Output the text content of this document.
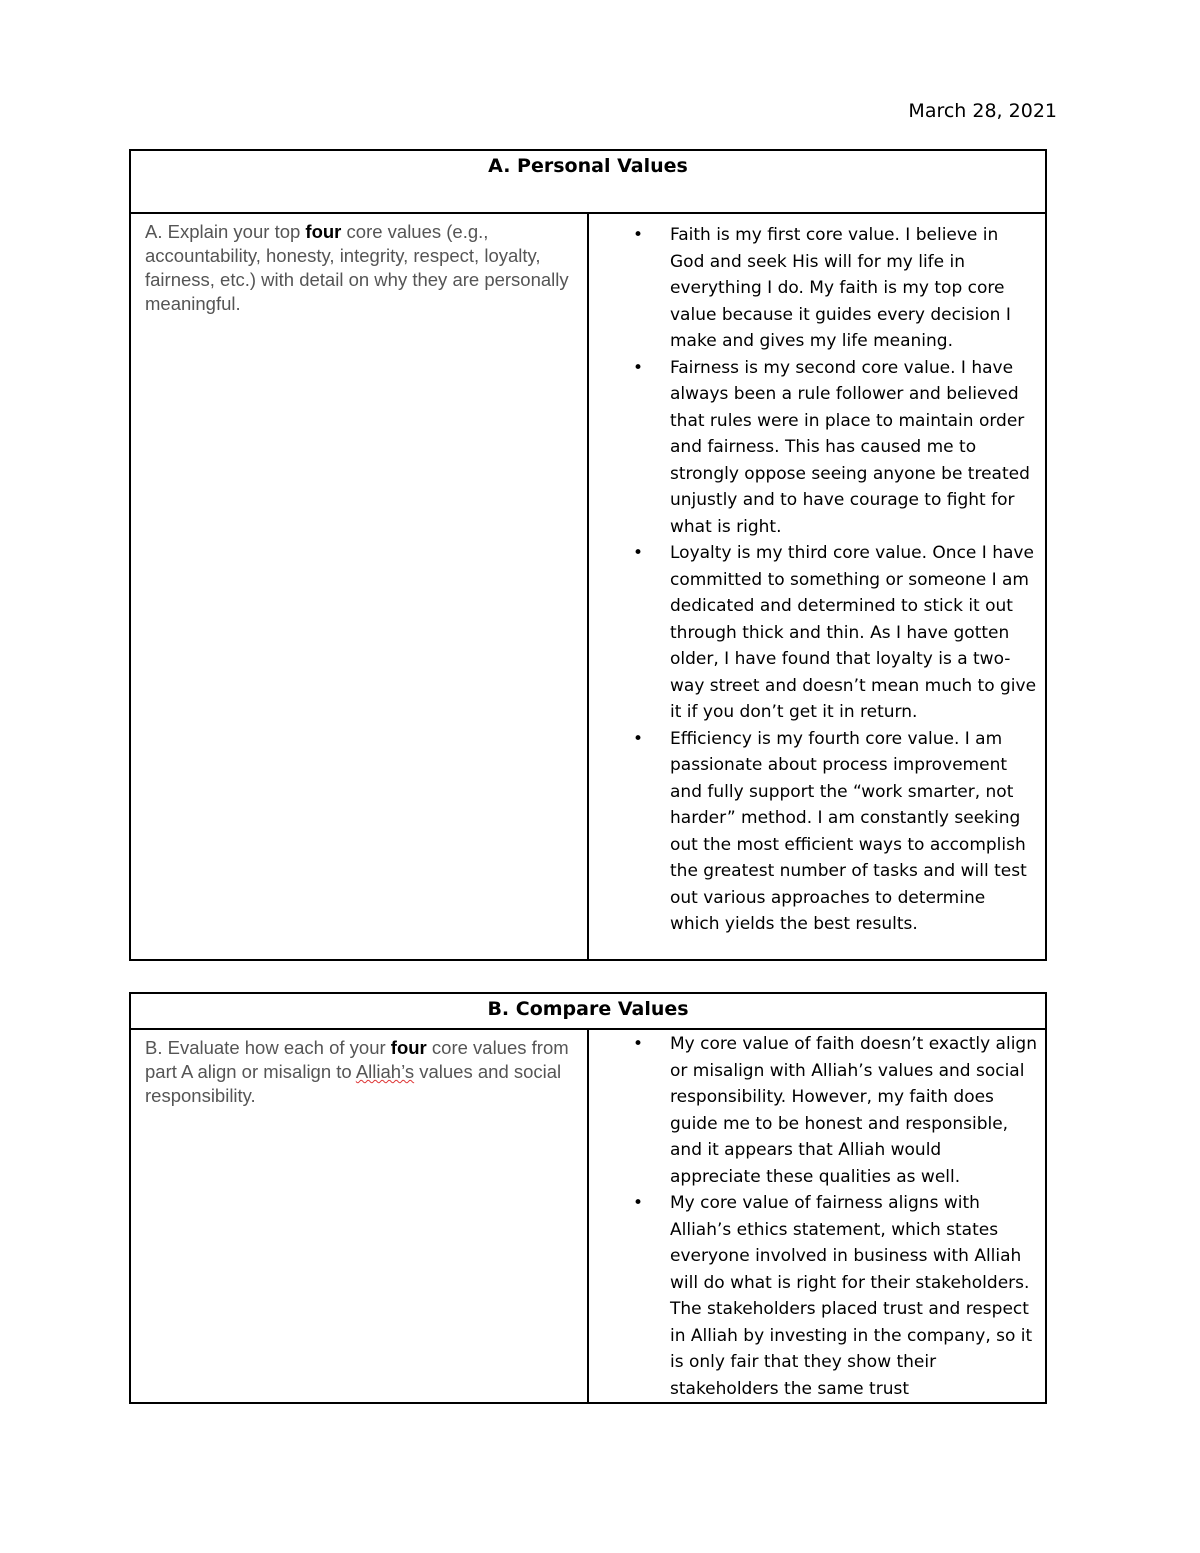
March 28, 2021
A. Personal Values
A. Explain your top four core values (e.g., accountability, honesty, integrity, respect, loyalty, fairness, etc.) with detail on why they are personally meaningful.	
• Faith is my first core value. I believe in God and seek His will for my life in everything I do. My faith is my top core value because it guides every decision I make and gives my life meaning.
• Fairness is my second core value. I have always been a rule follower and believed that rules were in place to maintain order and fairness. This has caused me to strongly oppose seeing anyone be treated unjustly and to have courage to fight for what is right.
• Loyalty is my third core value. Once I have committed to something or someone I am dedicated and determined to stick it out through thick and thin. As I have gotten older, I have found that loyalty is a two-way street and doesn’t mean much to give it if you don’t get it in return.
• Efficiency is my fourth core value. I am passionate about process improvement and fully support the “work smarter, not harder” method. I am constantly seeking out the most efficient ways to accomplish the greatest number of tasks and will test out various approaches to determine which yields the best results.
B. Compare Values
B. Evaluate how each of your four core values from part A align or misalign to Alliah’s values and social responsibility.	
• My core value of faith doesn’t exactly align or misalign with Alliah’s values and social responsibility. However, my faith does guide me to be honest and responsible, and it appears that Alliah would appreciate these qualities as well.
• My core value of fairness aligns with Alliah’s ethics statement, which states everyone involved in business with Alliah will do what is right for their stakeholders. The stakeholders placed trust and respect in Alliah by investing in the company, so it is only fair that they show their stakeholders the same trust
